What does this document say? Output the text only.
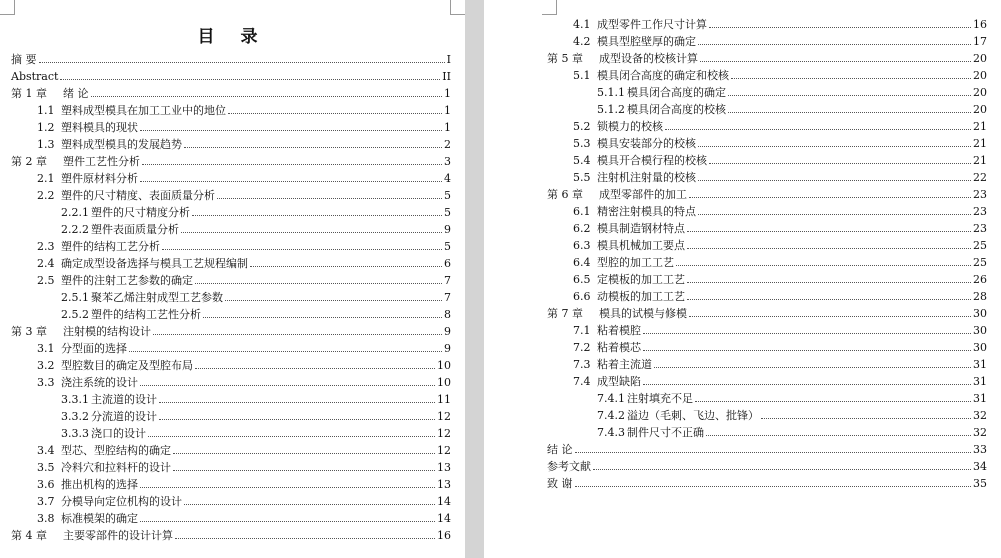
目 录
摘 要	I
Abstract	II
第 1 章 绪 论	1
1.1 塑料成型模具在加工工业中的地位	1
1.2 塑料模具的现状	1
1.3 塑料成型模具的发展趋势	2
第 2 章 塑件工艺性分析	3
2.1 塑件原材料分析	4
2.2 塑件的尺寸精度、表面质量分析	5
2.2.1 塑件的尺寸精度分析	5
2.2.2 塑件表面质量分析	9
2.3 塑件的结构工艺分析	5
2.4 确定成型设备选择与模具工艺规程编制	6
2.5 塑件的注射工艺参数的确定	7
2.5.1 聚苯乙烯注射成型工艺参数	7
2.5.2 塑件的结构工艺性分析	8
第 3 章 注射模的结构设计	9
3.1 分型面的选择	9
3.2 型腔数目的确定及型腔布局	10
3.3 浇注系统的设计	10
3.3.1 主流道的设计	11
3.3.2 分流道的设计	12
3.3.3 浇口的设计	12
3.4 型芯、型腔结构的确定	12
3.5 冷料穴和拉料杆的设计	13
3.6 推出机构的选择	13
3.7 分模导向定位机构的设计	14
3.8 标准模架的确定	14
第 4 章 主要零部件的设计计算	16
4.1 成型零件工作尺寸计算	16
4.2 模具型腔壁厚的确定	17
第 5 章 成型设备的校核计算	20
5.1 模具闭合高度的确定和校核	20
5.1.1 模具闭合高度的确定	20
5.1.2 模具闭合高度的校核	20
5.2 锁模力的校核	21
5.3 模具安装部分的校核	21
5.4 模具开合模行程的校核	21
5.5 注射机注射量的校核	22
第 6 章 成型零部件的加工	23
6.1 精密注射模具的特点	23
6.2 模具制造钢材特点	23
6.3 模具机械加工要点	25
6.4 型腔的加工工艺	25
6.5 定模板的加工工艺	26
6.6 动模板的加工工艺	28
第 7 章 模具的试模与修模	30
7.1 粘着模腔	30
7.2 粘着模芯	30
7.3 粘着主流道	31
7.4 成型缺陷	31
7.4.1 注射填充不足	31
7.4.2 溢边（毛刺、飞边、批锋）	32
7.4.3 制件尺寸不正确	32
结 论	33
参考文献	34
致 谢	35
